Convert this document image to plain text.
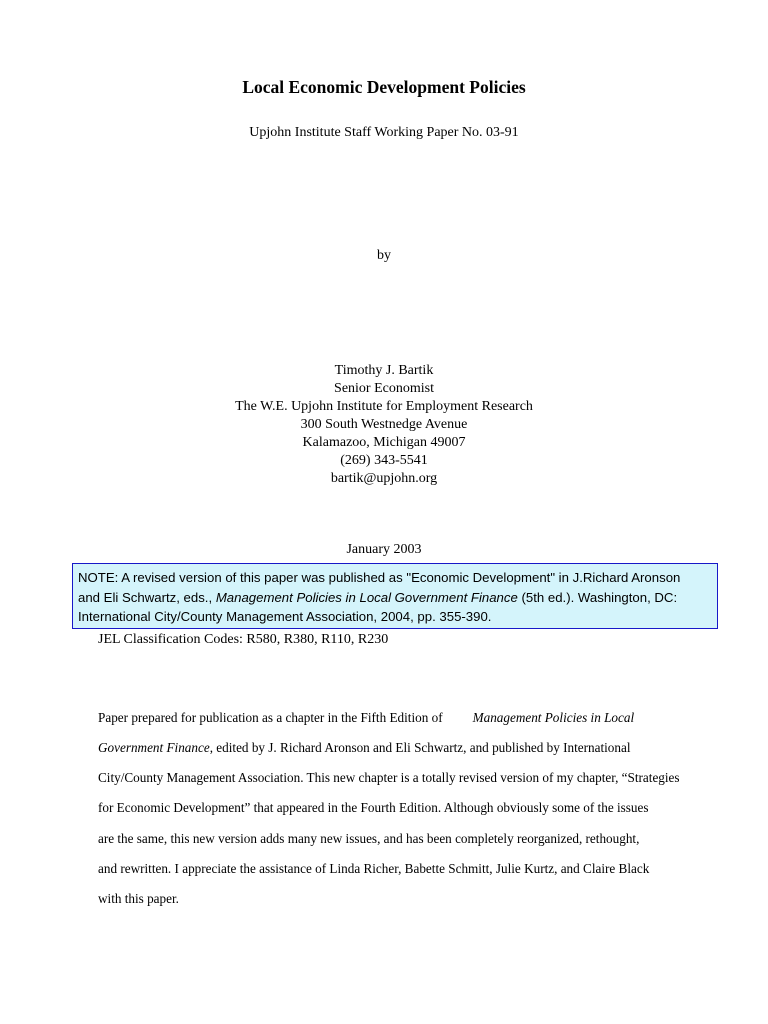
Local Economic Development Policies
Upjohn Institute Staff Working Paper No. 03-91
by
Timothy J. Bartik
Senior Economist
The W.E. Upjohn Institute for Employment Research
300 South Westnedge Avenue
Kalamazoo, Michigan 49007
(269) 343-5541
bartik@upjohn.org
January 2003
NOTE: A revised version of this paper was published as "Economic Development" in J.Richard Aronson
and Eli Schwartz, eds., Management Policies in Local Government Finance (5th ed.). Washington, DC:
International City/County Management Association, 2004, pp. 355-390.
JEL Classification Codes: R580, R380, R110, R230
Paper prepared for publication as a chapter in the Fifth Edition of Management Policies in Local
Government Finance, edited by J. Richard Aronson and Eli Schwartz, and published by International
City/County Management Association. This new chapter is a totally revised version of my chapter, “Strategies
for Economic Development” that appeared in the Fourth Edition. Although obviously some of the issues
are the same, this new version adds many new issues, and has been completely reorganized, rethought,
and rewritten. I appreciate the assistance of Linda Richer, Babette Schmitt, Julie Kurtz, and Claire Black
with this paper.
